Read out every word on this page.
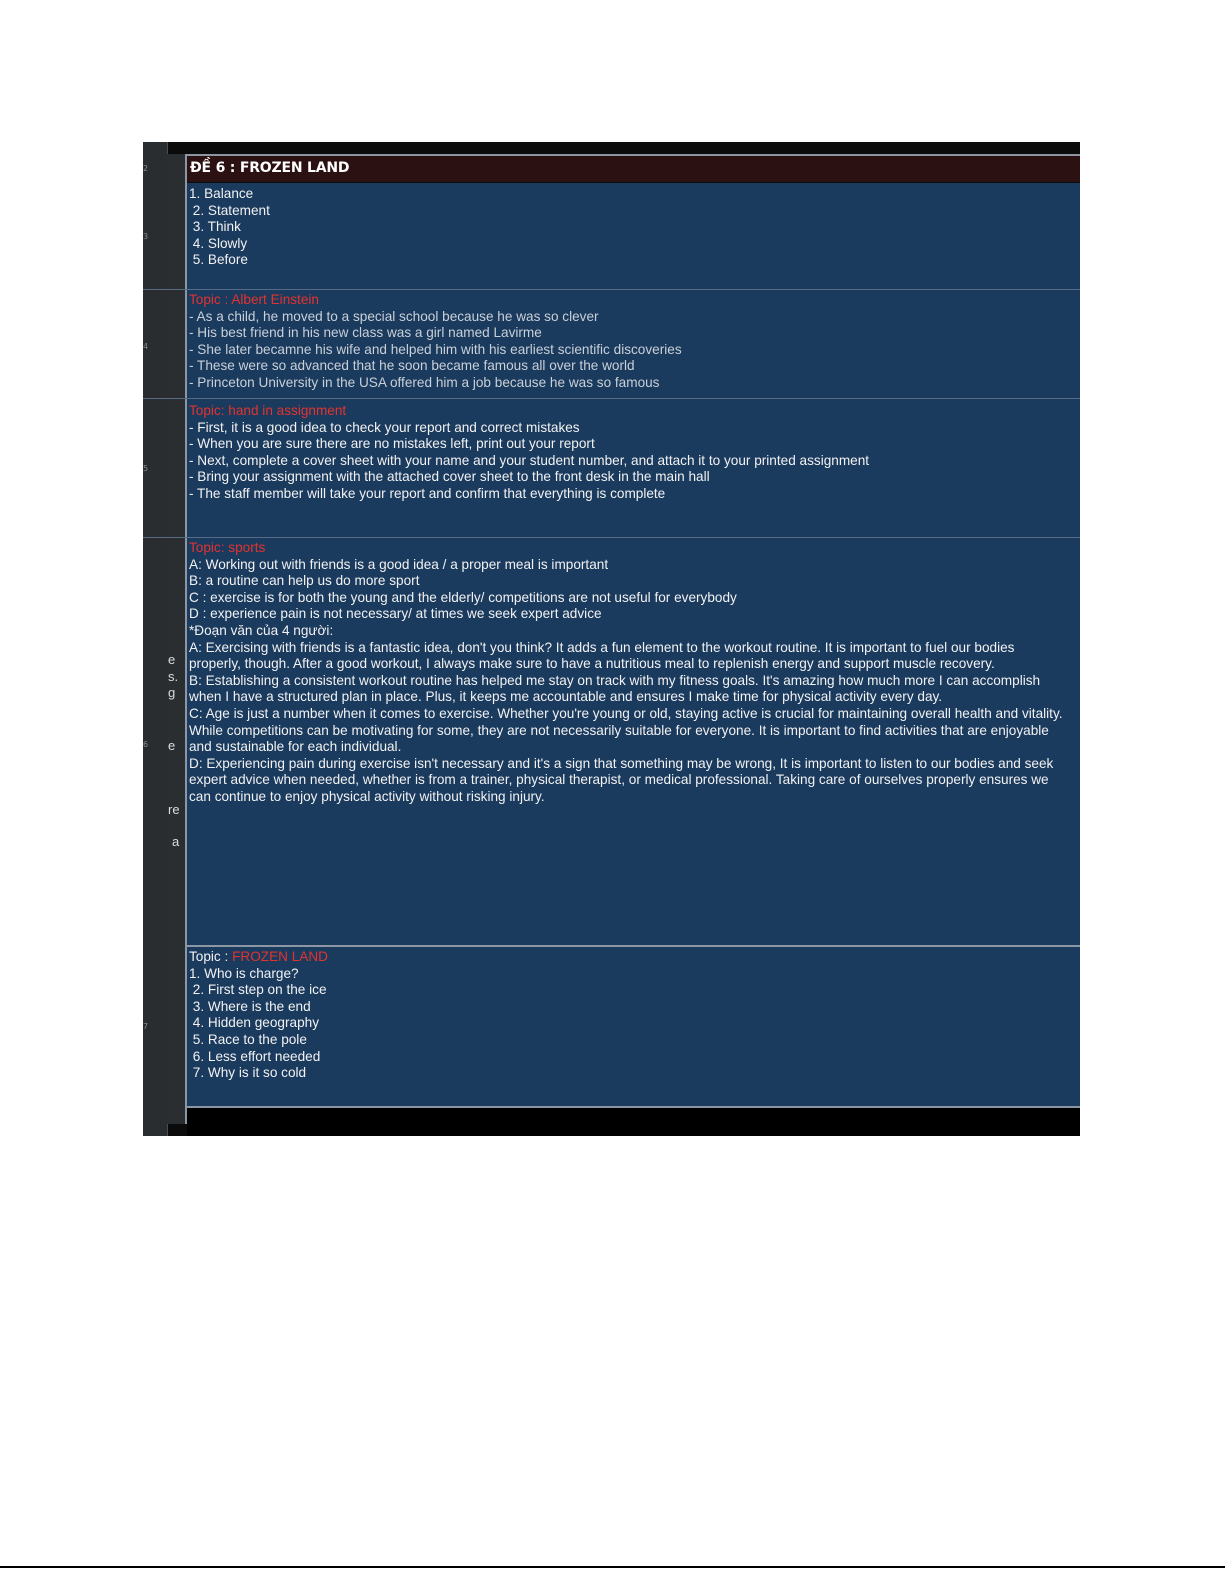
2
3
4
5
6
7
e
s.
g
e
re
a
ĐỀ 6 : FROZEN LAND
1. Balance
2. Statement
3. Think
4. Slowly
5. Before
Topic : Albert Einstein
- As a child, he moved to a special school because he was so clever
- His best friend in his new class was a girl named Lavirme
- She later becamne his wife and helped him with his earliest scientific discoveries
- These were so advanced that he soon became famous all over the world
- Princeton University in the USA offered him a job because he was so famous
Topic: hand in assignment
- First, it is a good idea to check your report and correct mistakes
- When you are sure there are no mistakes left, print out your report
- Next, complete a cover sheet with your name and your student number, and attach it to your printed assignment
- Bring your assignment with the attached cover sheet to the front desk in the main hall
- The staff member will take your report and confirm that everything is complete
Topic: sports
A: Working out with friends is a good idea / a proper meal is important
B: a routine can help us do more sport
C : exercise is for both the young and the elderly/ competitions are not useful for everybody
D : experience pain is not necessary/ at times we seek expert advice
*Đoạn văn của 4 người:

A: Exercising with friends is a fantastic idea, don't you think? It adds a fun element to the workout routine. It is important to fuel our bodies properly, though. After a good workout, I always make sure to have a nutritious meal to replenish energy and support muscle recovery.

B: Establishing a consistent workout routine has helped me stay on track with my fitness goals. It's amazing how much more I can accomplish when I have a structured plan in place. Plus, it keeps me accountable and ensures I make time for physical activity every day.

C: Age is just a number when it comes to exercise. Whether you're young or old, staying active is crucial for maintaining overall health and vitality. While competitions can be motivating for some, they are not necessarily suitable for everyone. It is important to find activities that are enjoyable and sustainable for each individual.

D: Experiencing pain during exercise isn't necessary and it's a sign that something may be wrong, It is important to listen to our bodies and seek expert advice when needed, whether is from a trainer, physical therapist, or medical professional. Taking care of ourselves properly ensures we can continue to enjoy physical activity without risking injury.

Topic : FROZEN LAND
1. Who is charge?
2. First step on the ice
3. Where is the end
4. Hidden geography
5. Race to the pole
6. Less effort needed
7. Why is it so cold
